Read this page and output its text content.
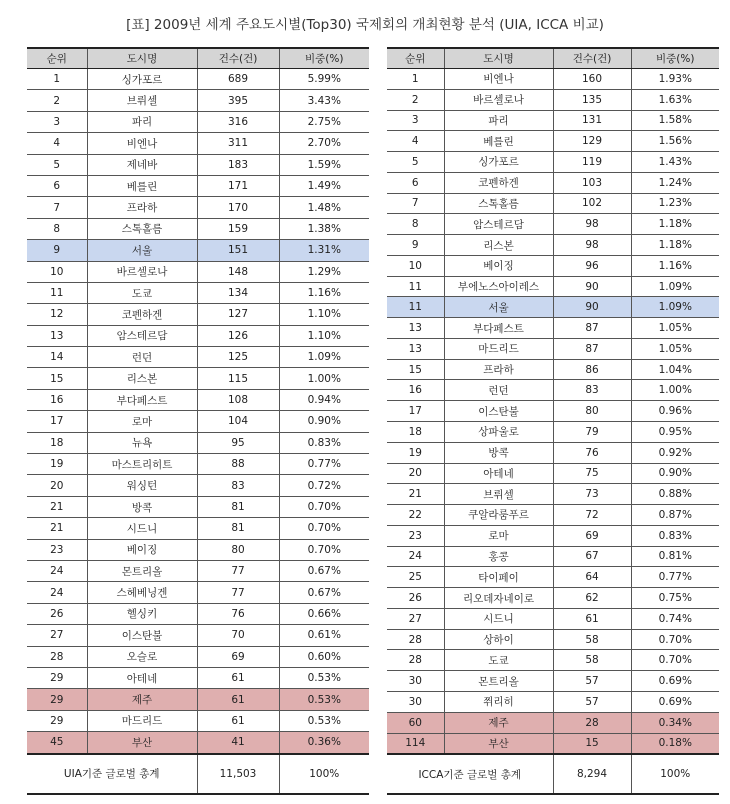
[표] 2009년 세계 주요도시별(Top30) 국제회의 개최현황 분석 (UIA, ICCA 비교)
순위	도시명	건수(건)	비중(%)
1	싱가포르	689	5.99%
2	브뤼셀	395	3.43%
3	파리	316	2.75%
4	비엔나	311	2.70%
5	제네바	183	1.59%
6	베를린	171	1.49%
7	프라하	170	1.48%
8	스톡홀름	159	1.38%
9	서울	151	1.31%
10	바르셀로나	148	1.29%
11	도쿄	134	1.16%
12	코펜하겐	127	1.10%
13	암스테르담	126	1.10%
14	런던	125	1.09%
15	리스본	115	1.00%
16	부다페스트	108	0.94%
17	로마	104	0.90%
18	뉴욕	95	0.83%
19	마스트리히트	88	0.77%
20	워싱턴	83	0.72%
21	방콕	81	0.70%
21	시드니	81	0.70%
23	베이징	80	0.70%
24	몬트리올	77	0.67%
24	스헤베닝겐	77	0.67%
26	헬싱키	76	0.66%
27	이스탄불	70	0.61%
28	오슬로	69	0.60%
29	아테네	61	0.53%
29	제주	61	0.53%
29	마드리드	61	0.53%
45	부산	41	0.36%
UIA기준 글로벌 총계		11,503	100%
순위	도시명	건수(건)	비중(%)
1	비엔나	160	1.93%
2	바르셀로나	135	1.63%
3	파리	131	1.58%
4	베를린	129	1.56%
5	싱가포르	119	1.43%
6	코펜하겐	103	1.24%
7	스톡홀름	102	1.23%
8	암스테르담	98	1.18%
9	리스본	98	1.18%
10	베이징	96	1.16%
11	부에노스아이레스	90	1.09%
11	서울	90	1.09%
13	부다페스트	87	1.05%
13	마드리드	87	1.05%
15	프라하	86	1.04%
16	런던	83	1.00%
17	이스탄불	80	0.96%
18	상파울로	79	0.95%
19	방콕	76	0.92%
20	아테네	75	0.90%
21	브뤼셀	73	0.88%
22	쿠알라룸푸르	72	0.87%
23	로마	69	0.83%
24	홍콩	67	0.81%
25	타이페이	64	0.77%
26	리오데자네이로	62	0.75%
27	시드니	61	0.74%
28	상하이	58	0.70%
28	도쿄	58	0.70%
30	몬트리올	57	0.69%
30	쮜리히	57	0.69%
60	제주	28	0.34%
114	부산	15	0.18%
ICCA기준 글로벌 총계		8,294	100%
